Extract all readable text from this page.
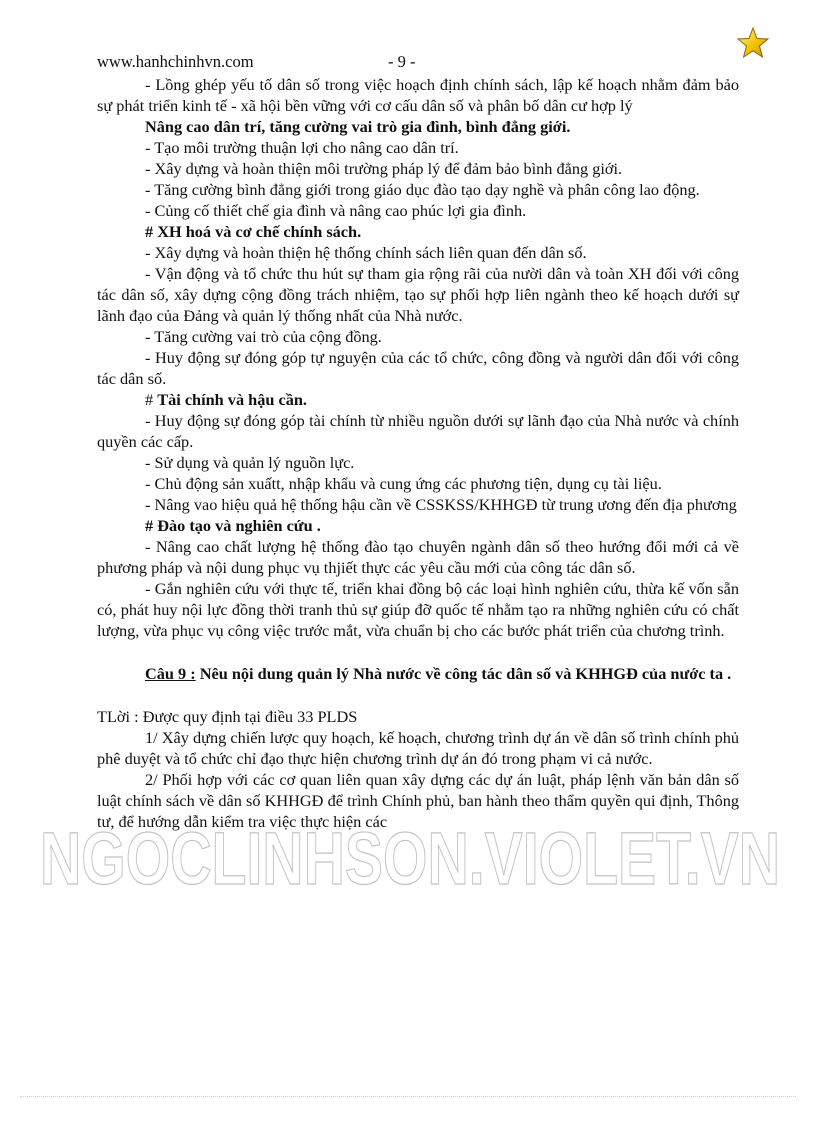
www.hanhchinhvn.com	- 9 -

- Lồng ghép yếu tố dân số trong việc hoạch định chính sách, lập kế hoạch nhằm đảm bảo sự phát triển kinh tế - xã hội bền vững với cơ cấu dân số và phân bố dân cư hợp lý

Nâng cao dân trí, tăng cường vai trò gia đình, bình đẳng giới.

- Tạo môi trường thuận lợi cho nâng cao dân trí.

- Xây dựng và hoàn thiện môi trường pháp lý để đảm bảo bình đẳng giới.

- Tăng cường bình đẳng giới trong giáo dục đào tạo dạy nghề và phân công lao động.

- Củng cố thiết chế gia đình và nâng cao phúc lợi gia đình.

# XH hoá và cơ chế chính sách.

- Xây dựng và hoàn thiện hệ thống chính sách liên quan đến dân số.

- Vận động và tổ chức thu hút sự tham gia rộng rãi của nười dân và toàn XH đối với công tác dân số, xây dựng cộng đồng trách nhiệm, tạo sự phối hợp liên ngành theo kế hoạch dưới sự lãnh đạo của Đảng và quản lý thống nhất của Nhà nước.

- Tăng cường vai trò của cộng đồng.

- Huy động sự đóng góp tự nguyện của các tổ chức, công đồng và người dân đối với công tác dân số.

# Tài chính và hậu cần.

- Huy động sự đóng góp tài chính từ nhiều nguồn dưới sự lãnh đạo của Nhà nước và chính quyền các cấp.

- Sử dụng và quản lý nguồn lực.

- Chủ động sản xuấtt, nhập khẩu và cung ứng các phương tiện, dụng cụ tài liệu.

- Nâng vao hiệu quả hệ thống hậu cần về CSSKSS/KHHGĐ từ trung ương đến địa phương

# Đào tạo và nghiên cứu .

- Nâng cao chất lượng hệ thống đào tạo chuyên ngành dân số theo hướng đổi mới cả về phương pháp và nội dung phục vụ thjiết thực các yêu cầu mới của công tác dân số.

- Gắn nghiên cứu với thực tế, triển khai đồng bộ các loại hình nghiên cứu, thừa kế vốn sẵn có, phát huy nội lực đồng thời tranh thủ sự giúp đỡ quốc tế nhằm tạo ra những nghiên cứu có chất lượng, vừa phục vụ công việc trước mắt, vừa chuẩn bị cho các bước phát triển của chương trình.

Câu 9 : Nêu nội dung quản lý Nhà nước về công tác dân số và KHHGĐ của nước ta .

TLời : Được quy định tại điều 33 PLDS

1/ Xây dựng chiến lược quy hoạch, kế hoạch, chương trình dự án về dân số trình chính phủ phê duyệt và tổ chức chỉ đạo thực hiện chương trình dự án đó trong phạm vi cả nước.

2/ Phối hợp với các cơ quan liên quan xây dựng các dự án luật, pháp lệnh văn bản dân số luật chính sách về dân số KHHGĐ để trình Chính phủ, ban hành theo thẩm quyền qui định, Thông tư, để hướng dẫn kiểm tra việc thực hiện các

NGOCLINHSON.VIOLET.VN
